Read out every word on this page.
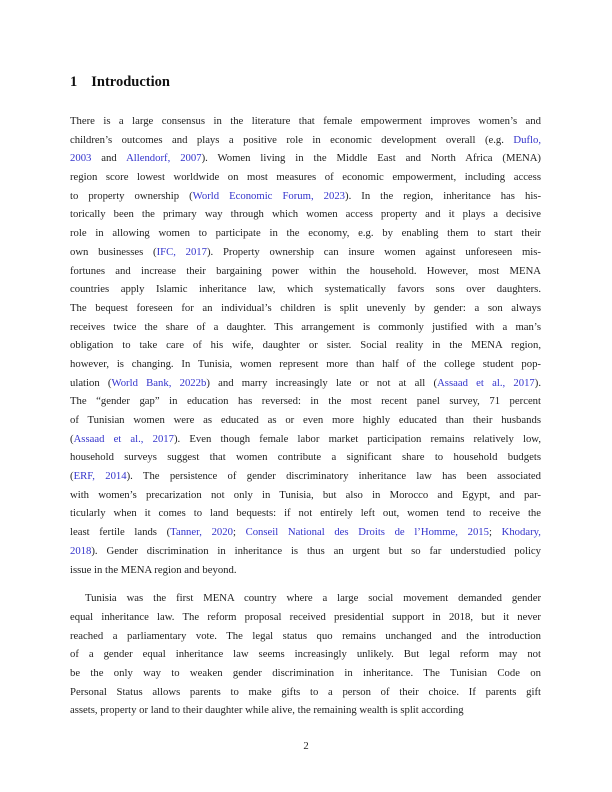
1 Introduction
There is a large consensus in the literature that female empowerment improves women’s and
children’s outcomes and plays a positive role in economic development overall (e.g. Duflo,
2003 and Allendorf, 2007). Women living in the Middle East and North Africa (MENA)
region score lowest worldwide on most measures of economic empowerment, including access
to property ownership (World Economic Forum, 2023). In the region, inheritance has his-
torically been the primary way through which women access property and it plays a decisive
role in allowing women to participate in the economy, e.g. by enabling them to start their
own businesses (IFC, 2017). Property ownership can insure women against unforeseen mis-
fortunes and increase their bargaining power within the household. However, most MENA
countries apply Islamic inheritance law, which systematically favors sons over daughters.
The bequest foreseen for an individual’s children is split unevenly by gender: a son always
receives twice the share of a daughter. This arrangement is commonly justified with a man’s
obligation to take care of his wife, daughter or sister. Social reality in the MENA region,
however, is changing. In Tunisia, women represent more than half of the college student pop-
ulation (World Bank, 2022b) and marry increasingly late or not at all (Assaad et al., 2017).
The “gender gap” in education has reversed: in the most recent panel survey, 71 percent
of Tunisian women were as educated as or even more highly educated than their husbands
(Assaad et al., 2017). Even though female labor market participation remains relatively low,
household surveys suggest that women contribute a significant share to household budgets
(ERF, 2014). The persistence of gender discriminatory inheritance law has been associated
with women’s precarization not only in Tunisia, but also in Morocco and Egypt, and par-
ticularly when it comes to land bequests: if not entirely left out, women tend to receive the
least fertile lands (Tanner, 2020; Conseil National des Droits de l’Homme, 2015; Khodary,
2018). Gender discrimination in inheritance is thus an urgent but so far understudied policy
issue in the MENA region and beyond.
Tunisia was the first MENA country where a large social movement demanded gender
equal inheritance law. The reform proposal received presidential support in 2018, but it never
reached a parliamentary vote. The legal status quo remains unchanged and the introduction
of a gender equal inheritance law seems increasingly unlikely. But legal reform may not
be the only way to weaken gender discrimination in inheritance. The Tunisian Code on
Personal Status allows parents to make gifts to a person of their choice. If parents gift
assets, property or land to their daughter while alive, the remaining wealth is split according
2
